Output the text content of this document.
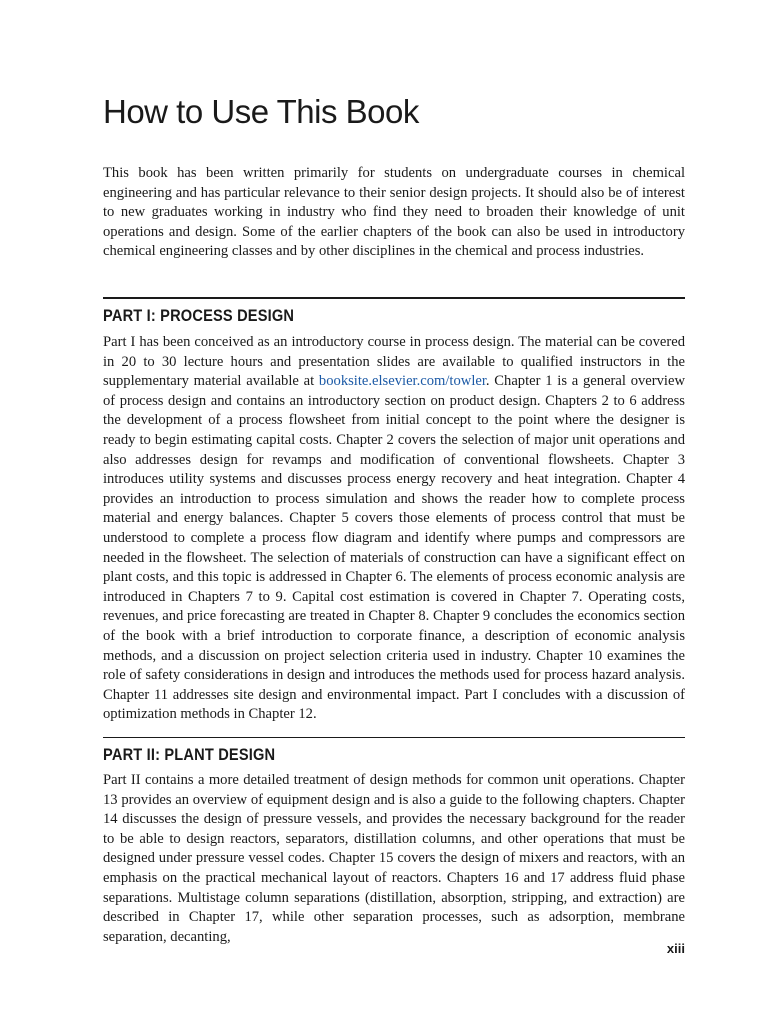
How to Use This Book

This book has been written primarily for students on undergraduate courses in chemical engineering and has particular relevance to their senior design projects. It should also be of interest to new graduates working in industry who find they need to broaden their knowledge of unit operations and design. Some of the earlier chapters of the book can also be used in introductory chemical engineering classes and by other disciplines in the chemical and process industries.

PART I: PROCESS DESIGN

Part I has been conceived as an introductory course in process design. The material can be covered in 20 to 30 lecture hours and presentation slides are available to qualified instructors in the supplementary material available at booksite.elsevier.com/towler. Chapter 1 is a general overview of process design and contains an introductory section on product design. Chapters 2 to 6 address the development of a process flowsheet from initial concept to the point where the designer is ready to begin estimating capital costs. Chapter 2 covers the selection of major unit operations and also addresses design for revamps and modification of conventional flowsheets. Chapter 3 introduces utility systems and discusses process energy recovery and heat integration. Chapter 4 provides an introduction to process simulation and shows the reader how to complete process material and energy balances. Chapter 5 covers those elements of process control that must be understood to complete a process flow diagram and identify where pumps and compressors are needed in the flowsheet. The selection of materials of construction can have a significant effect on plant costs, and this topic is addressed in Chapter 6. The elements of process economic analysis are introduced in Chapters 7 to 9. Capital cost estimation is covered in Chapter 7. Operating costs, revenues, and price forecasting are treated in Chapter 8. Chapter 9 concludes the economics section of the book with a brief introduction to corporate finance, a description of economic analysis methods, and a discussion on project selection criteria used in industry. Chapter 10 examines the role of safety considerations in design and introduces the methods used for process hazard analysis. Chapter 11 addresses site design and environmental impact. Part I concludes with a discussion of optimization methods in Chapter 12.

PART II: PLANT DESIGN

Part II contains a more detailed treatment of design methods for common unit operations. Chapter 13 provides an overview of equipment design and is also a guide to the following chapters. Chapter 14 discusses the design of pressure vessels, and provides the necessary background for the reader to be able to design reactors, separators, distillation columns, and other operations that must be designed under pressure vessel codes. Chapter 15 covers the design of mixers and reactors, with an emphasis on the practical mechanical layout of reactors. Chapters 16 and 17 address fluid phase separations. Multistage column separations (distillation, absorption, stripping, and extraction) are described in Chapter 17, while other separation processes, such as adsorption, membrane separation, decanting,

xiii
